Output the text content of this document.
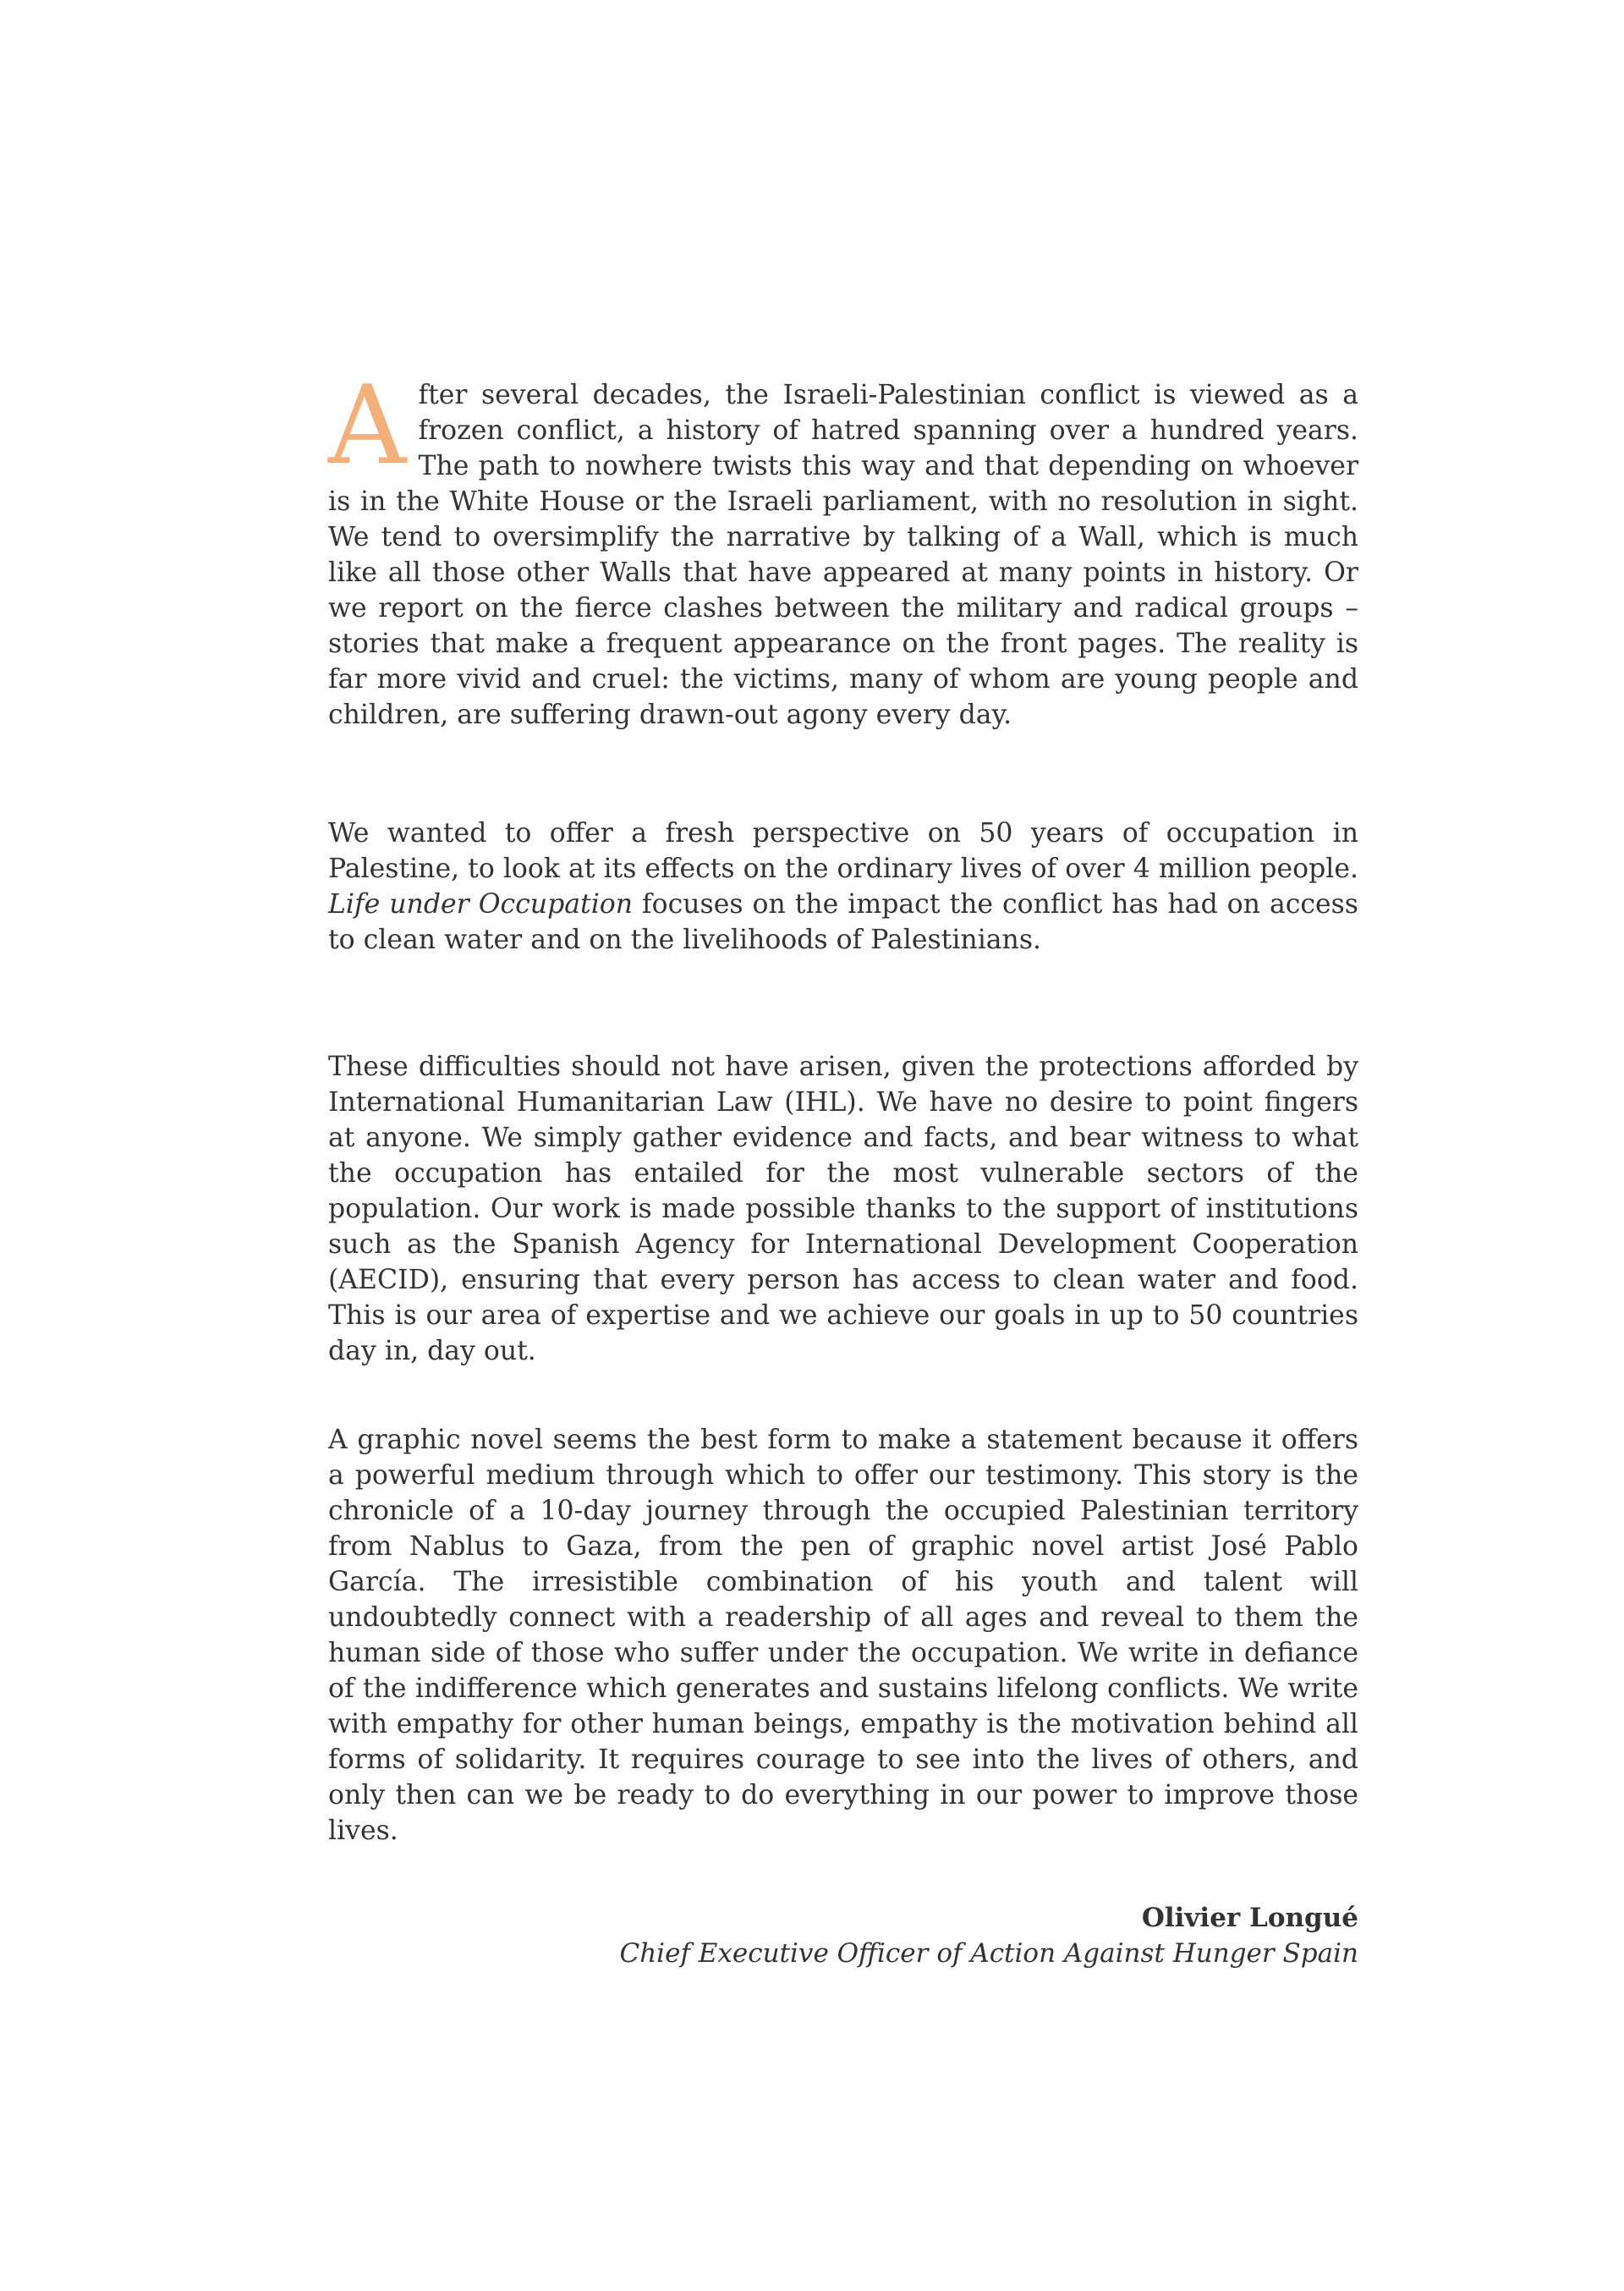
After several decades, the Israeli-Palestinian conflict is viewed as a frozen conflict, a history of hatred spanning over a hundred years. The path to nowhere twists this way and that depending on whoever is in the White House or the Israeli parliament, with no resolution in sight. We tend to oversimplify the narrative by talking of a Wall, which is much like all those other Walls that have appeared at many points in history. Or we report on the fierce clashes between the military and radical groups – stories that make a frequent appearance on the front pages. The reality is far more vivid and cruel: the victims, many of whom are young people and children, are suffering drawn-out agony every day.

We wanted to offer a fresh perspective on 50 years of occupation in Palestine, to look at its effects on the ordinary lives of over 4 million people. Life under Occupation focuses on the impact the conflict has had on access to clean water and on the livelihoods of Palestinians.

These difficulties should not have arisen, given the protections afforded by International Humanitarian Law (IHL). We have no desire to point fingers at anyone. We simply gather evidence and facts, and bear witness to what the occupation has entailed for the most vulnerable sectors of the population. Our work is made possible thanks to the support of institutions such as the Spanish Agency for International Development Cooperation (AECID), ensuring that every person has access to clean water and food. This is our area of expertise and we achieve our goals in up to 50 countries day in, day out.

A graphic novel seems the best form to make a statement because it offers a powerful medium through which to offer our testimony. This story is the chronicle of a 10-day journey through the occupied Palestinian territory from Nablus to Gaza, from the pen of graphic novel artist José Pablo García. The irresistible combination of his youth and talent will undoubtedly connect with a readership of all ages and reveal to them the human side of those who suffer under the occupation. We write in defiance of the indifference which generates and sustains lifelong conflicts. We write with empathy for other human beings, empathy is the motivation behind all forms of solidarity. It requires courage to see into the lives of others, and only then can we be ready to do everything in our power to improve those lives.

Olivier Longué
Chief Executive Officer of Action Against Hunger Spain
